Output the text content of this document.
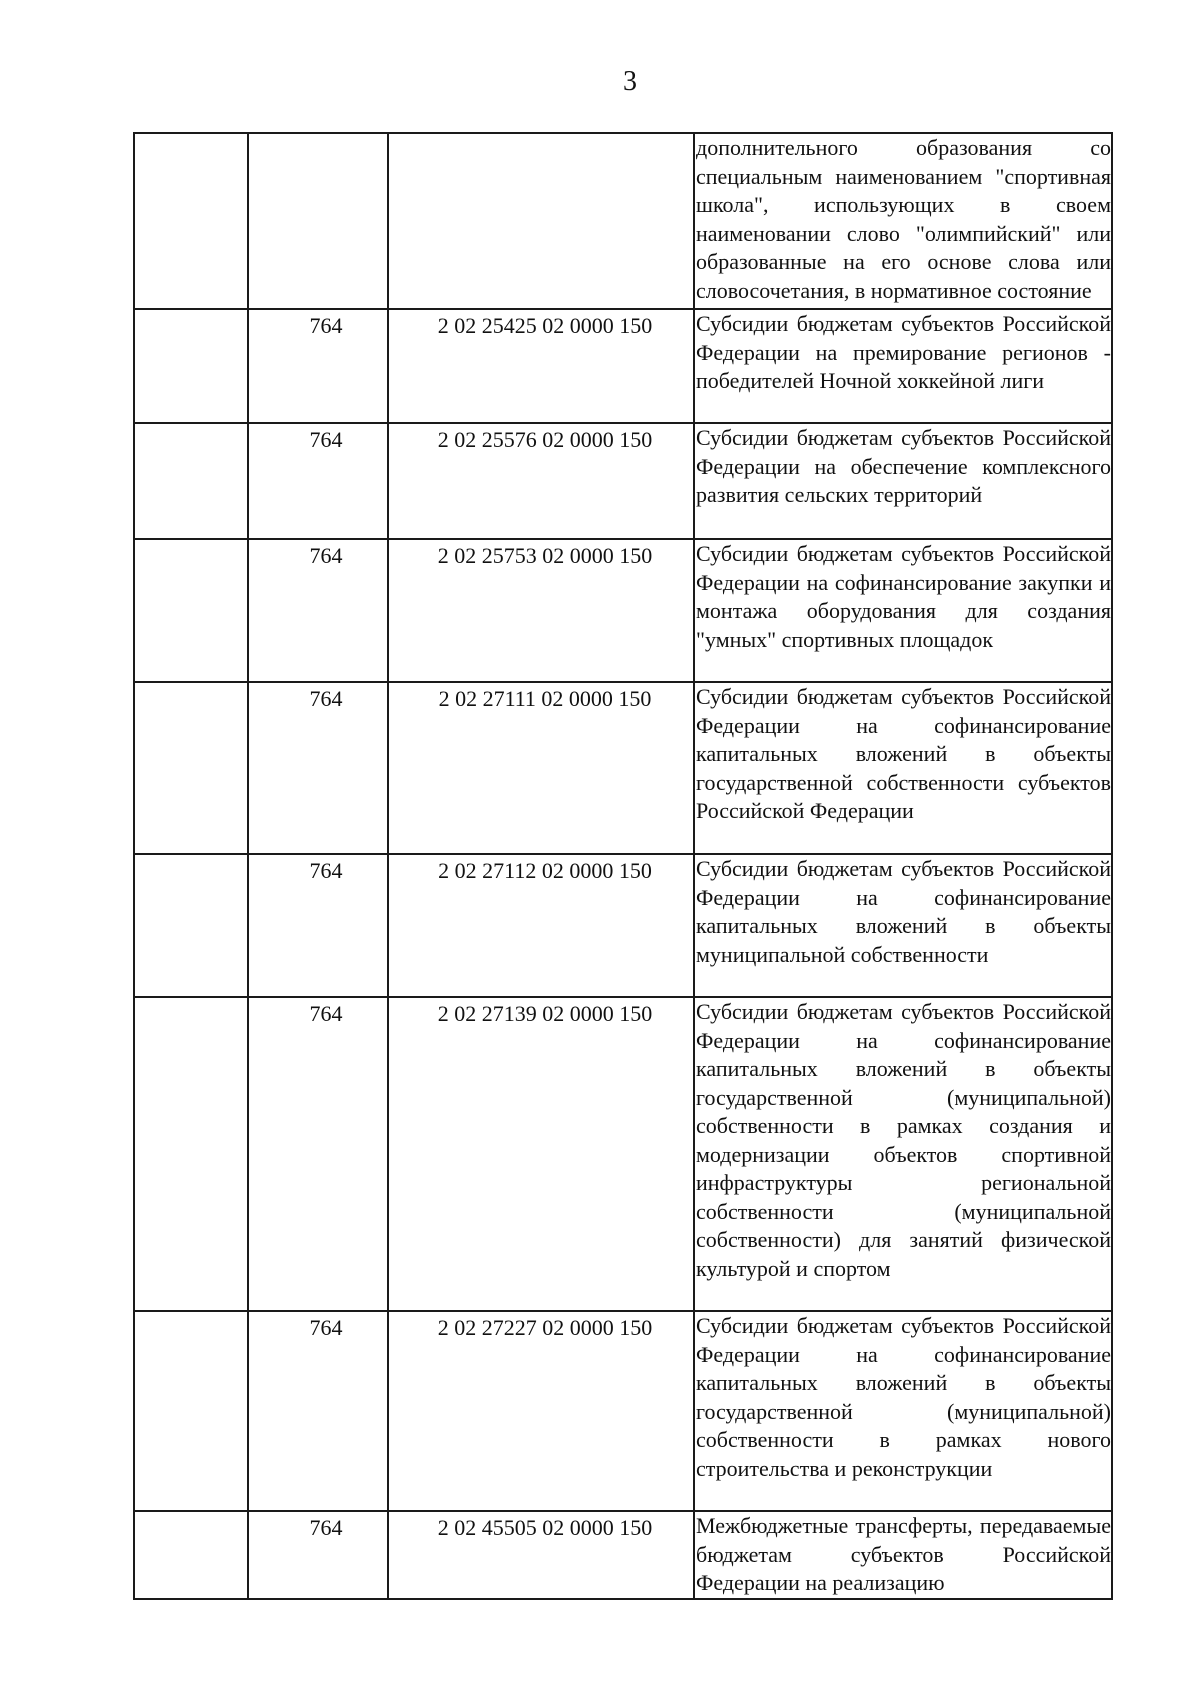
3
			дополнительного образования со специальным наименованием "спортивная школа", использующих в своем наименовании слово "олимпийский" или образованные на его основе слова или словосочетания, в нормативное состояние
	764	2 02 25425 02 0000 150	Субсидии бюджетам субъектов Российской Федерации на премирование регионов - победителей Ночной хоккейной лиги
	764	2 02 25576 02 0000 150	Субсидии бюджетам субъектов Российской Федерации на обеспечение комплексного развития сельских территорий
	764	2 02 25753 02 0000 150	Субсидии бюджетам субъектов Российской Федерации на софинансирование закупки и монтажа оборудования для создания "умных" спортивных площадок
	764	2 02 27111 02 0000 150	Субсидии бюджетам субъектов Российской Федерации на софинансирование капитальных вложений в объекты государственной собственности субъектов Российской Федерации
	764	2 02 27112 02 0000 150	Субсидии бюджетам субъектов Российской Федерации на софинансирование капитальных вложений в объекты муниципальной собственности
	764	2 02 27139 02 0000 150	Субсидии бюджетам субъектов Российской Федерации на софинансирование капитальных вложений в объекты государственной (муниципальной) собственности в рамках создания и модернизации объектов спортивной инфраструктуры региональной собственности (муниципальной собственности) для занятий физической культурой и спортом
	764	2 02 27227 02 0000 150	Субсидии бюджетам субъектов Российской Федерации на софинансирование капитальных вложений в объекты государственной (муниципальной) собственности в рамках нового строительства и реконструкции
	764	2 02 45505 02 0000 150	Межбюджетные трансферты, передаваемые бюджетам субъектов Российской Федерации на реализацию
